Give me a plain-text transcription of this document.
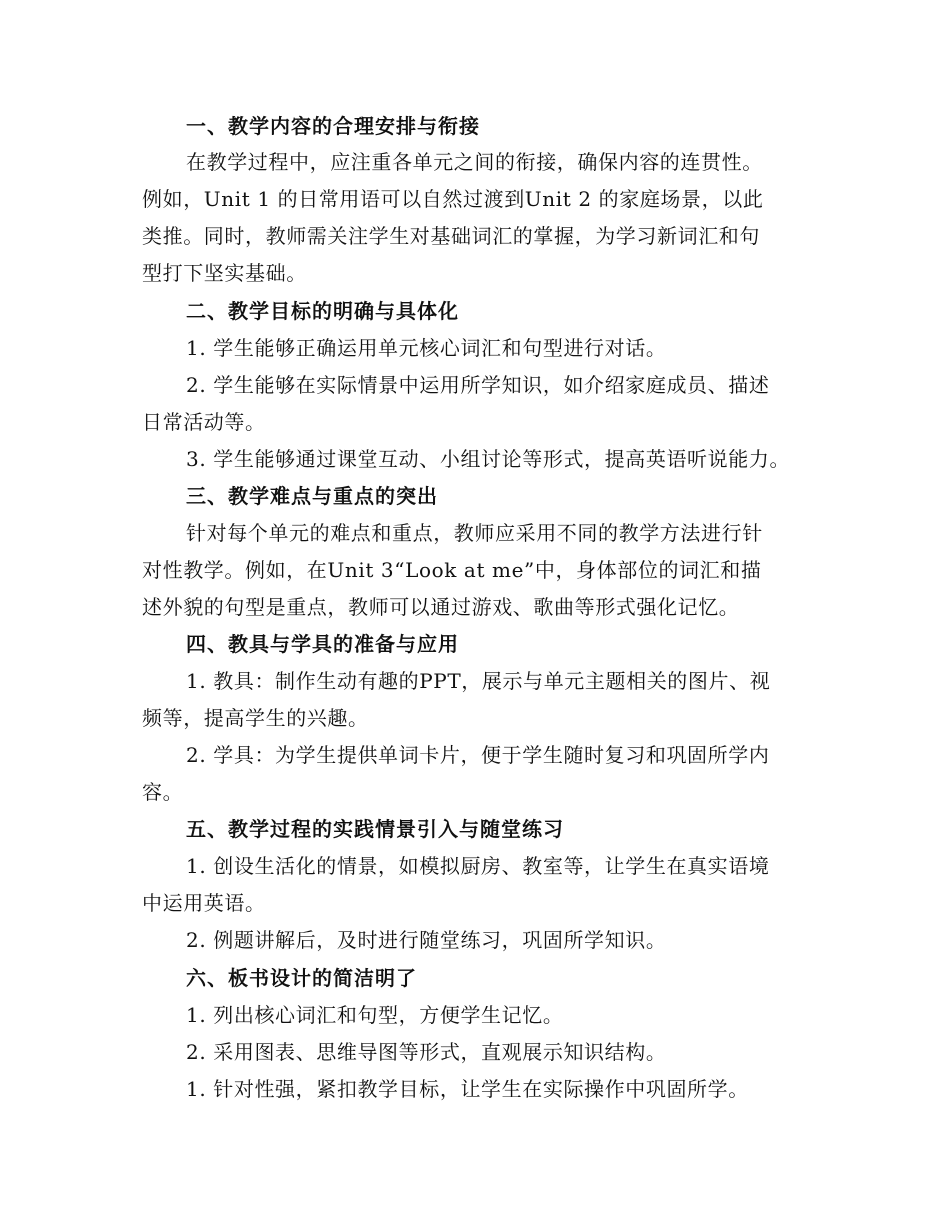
一、教学内容的合理安排与衔接
在教学过程中，应注重各单元之间的衔接，确保内容的连贯性。
例如，Unit 1 的日常用语可以自然过渡到Unit 2 的家庭场景，以此
类推。同时，教师需关注学生对基础词汇的掌握，为学习新词汇和句
型打下坚实基础。
二、教学目标的明确与具体化
1. 学生能够正确运用单元核心词汇和句型进行对话。
2. 学生能够在实际情景中运用所学知识，如介绍家庭成员、描述
日常活动等。
3. 学生能够通过课堂互动、小组讨论等形式，提高英语听说能力。
三、教学难点与重点的突出
针对每个单元的难点和重点，教师应采用不同的教学方法进行针
对性教学。例如，在Unit 3“Look at me”中，身体部位的词汇和描
述外貌的句型是重点，教师可以通过游戏、歌曲等形式强化记忆。
四、教具与学具的准备与应用
1. 教具：制作生动有趣的PPT，展示与单元主题相关的图片、视
频等，提高学生的兴趣。
2. 学具：为学生提供单词卡片，便于学生随时复习和巩固所学内
容。
五、教学过程的实践情景引入与随堂练习
1. 创设生活化的情景，如模拟厨房、教室等，让学生在真实语境
中运用英语。
2. 例题讲解后，及时进行随堂练习，巩固所学知识。
六、板书设计的简洁明了
1. 列出核心词汇和句型，方便学生记忆。
2. 采用图表、思维导图等形式，直观展示知识结构。
1. 针对性强，紧扣教学目标，让学生在实际操作中巩固所学。
